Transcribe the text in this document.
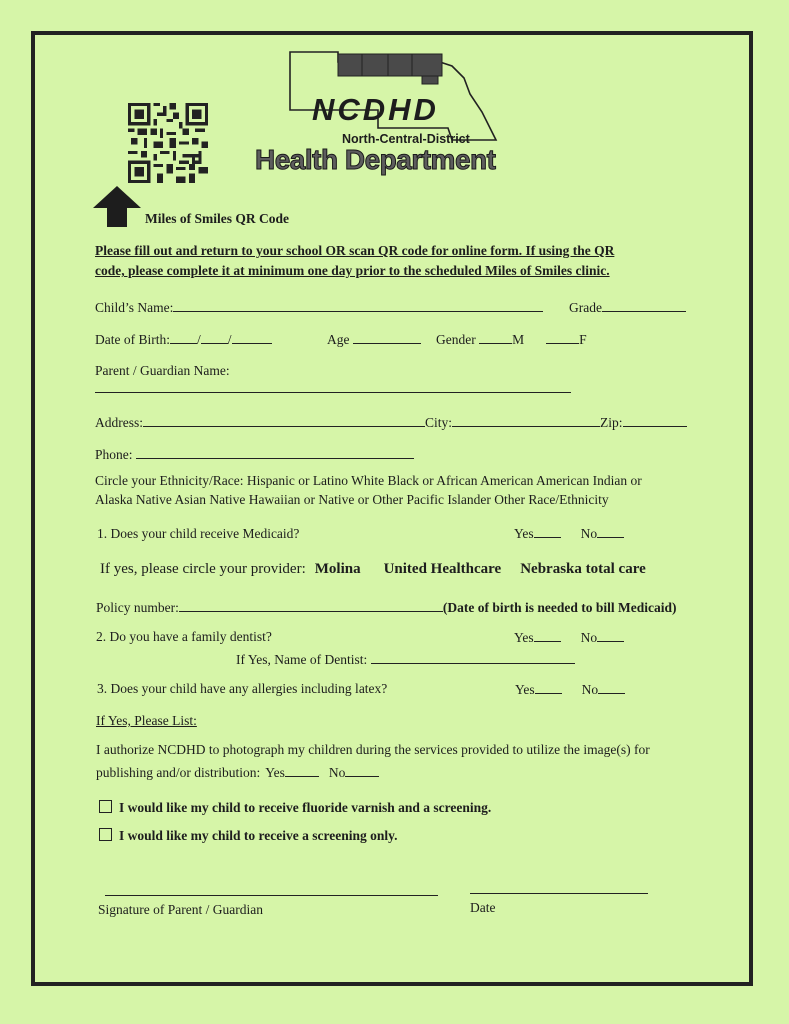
NCDHD
North-Central-District
Health Department
Miles of Smiles QR Code
Please fill out and return to your school OR scan QR code for online form. If using the QR
code, please complete it at minimum one day prior to the scheduled Miles of Smiles clinic.
Child’s Name:	Grade
Date of Birth: / /	Age	Gender	M	F
Parent / Guardian Name:
Address:	City:	Zip:
Phone:
Circle your Ethnicity/Race: Hispanic or Latino White Black or African American American Indian or
Alaska Native Asian Native Hawaiian or Native or Other Pacific Islander Other Race/Ethnicity
1. Does your child receive Medicaid?	Yes	No
If yes, please circle your provider: Molina United Healthcare Nebraska total care
Policy number:	(Date of birth is needed to bill Medicaid)
2. Do you have a family dentist?	Yes	No
If Yes, Name of Dentist:
3. Does your child have any allergies including latex?	Yes	No
If Yes, Please List:
I authorize NCDHD to photograph my children during the services provided to utilize the image(s) for
publishing and/or distribution: Yes	No
I would like my child to receive fluoride varnish and a screening.
I would like my child to receive a screening only.
Signature of Parent / Guardian	Date
